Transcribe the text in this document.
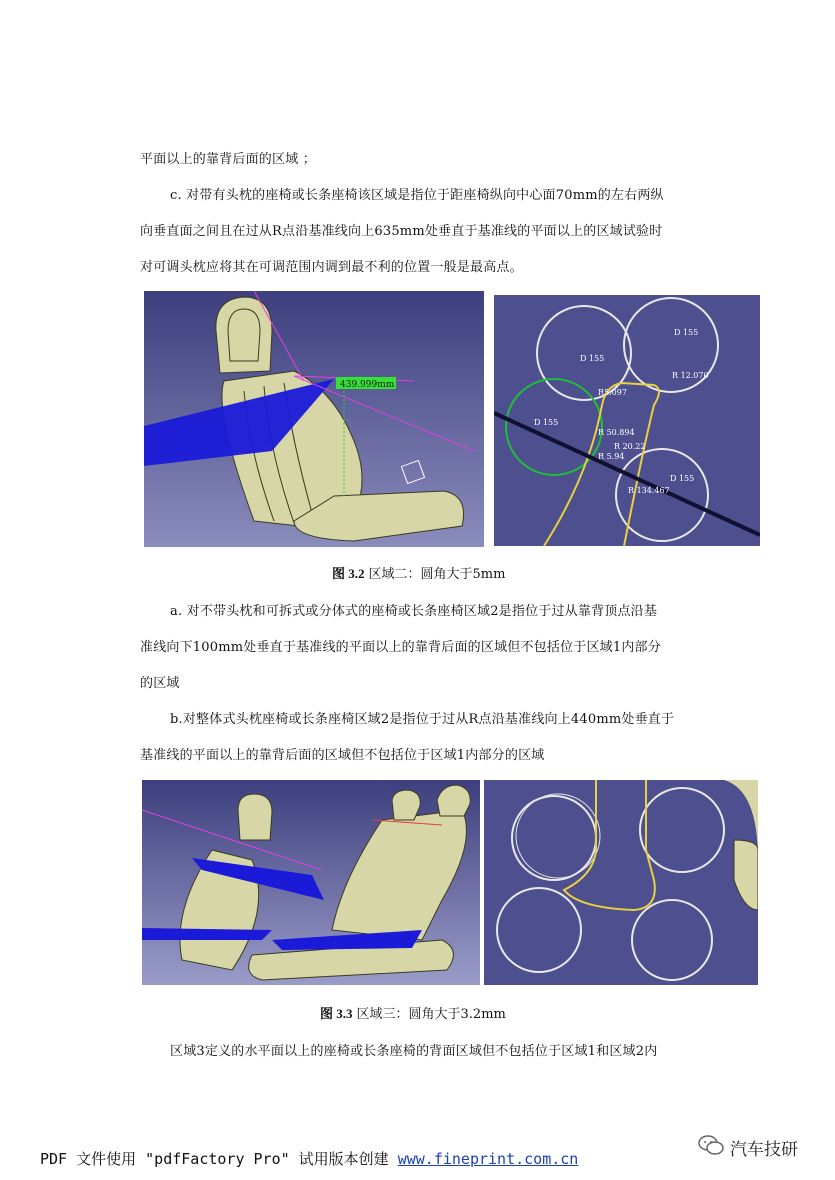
平面以上的靠背后面的区域 ；
c. 对带有头枕的座椅或长条座椅该区域是指位于距座椅纵向中心面70mm的左右两纵
向垂直面之间且在过从R点沿基准线向上635mm处垂直于基准线的平面以上的区域试验时
对可调头枕应将其在可调范围内调到最不利的位置一般是最高点。
439.999mm
R5.097
R 12.070
R 50.894
R 20.22
R 5.94
R 134.467
D 155
D 155
D 155
D 155
图 3.2 区域二：圆角大于5mm
a. 对不带头枕和可拆式或分体式的座椅或长条座椅区域2是指位于过从靠背顶点沿基
准线向下100mm处垂直于基准线的平面以上的靠背后面的区域但不包括位于区域1内部分
的区域
b.对整体式头枕座椅或长条座椅区域2是指位于过从R点沿基准线向上440mm处垂直于
基准线的平面以上的靠背后面的区域但不包括位于区域1内部分的区域
图 3.3 区域三：圆角大于3.2mm
区域3定义的水平面以上的座椅或长条座椅的背面区域但不包括位于区域1和区域2内
PDF 文件使用 "pdfFactory Pro" 试用版本创建 www.fineprint.com.cn	汽车技研
